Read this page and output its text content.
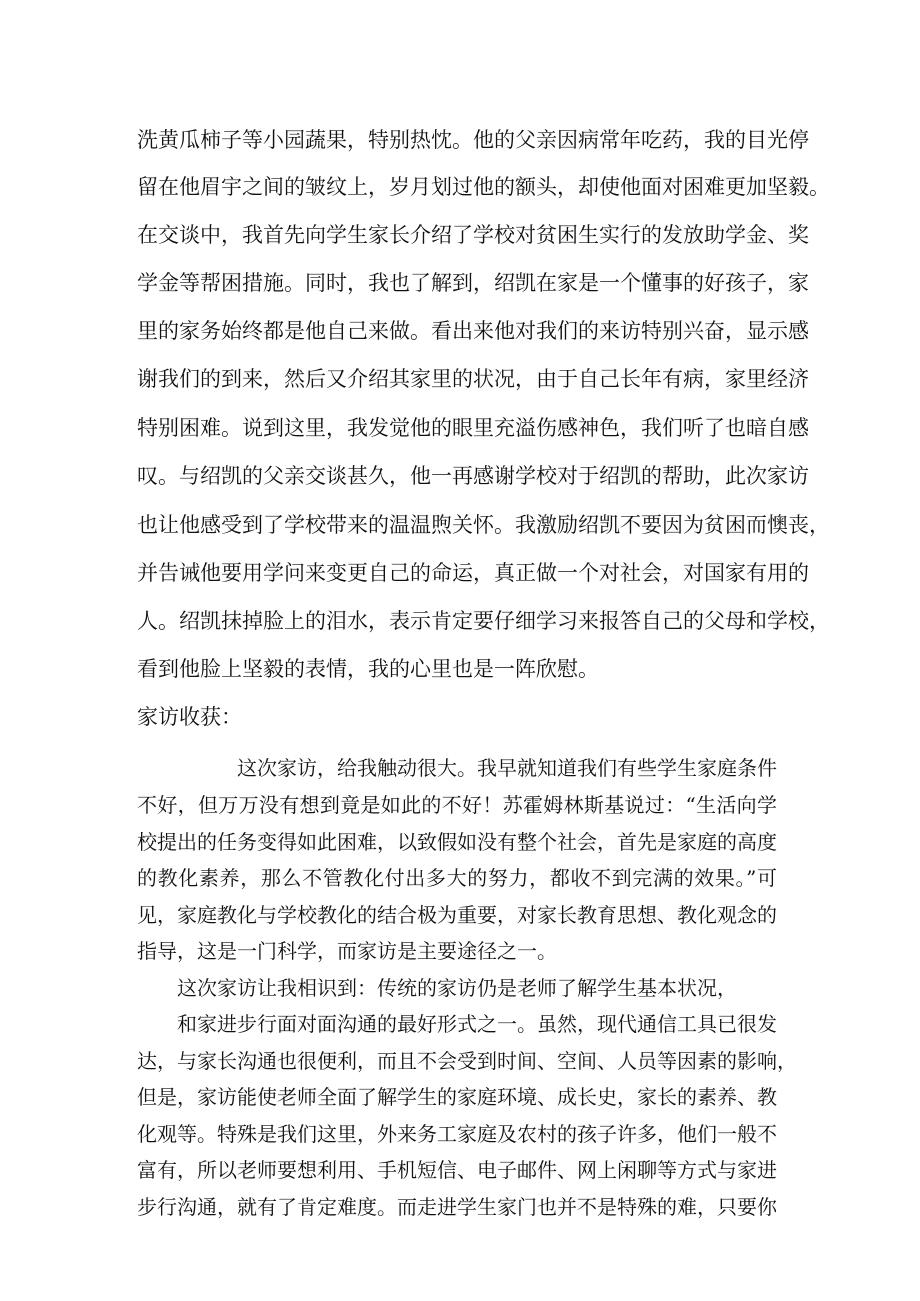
洗黄瓜柿子等小园蔬果，特别热忱。他的父亲因病常年吃药，我的目光停
留在他眉宇之间的皱纹上，岁月划过他的额头，却使他面对困难更加坚毅。
在交谈中，我首先向学生家长介绍了学校对贫困生实行的发放助学金、奖
学金等帮困措施。同时，我也了解到，绍凯在家是一个懂事的好孩子，家
里的家务始终都是他自己来做。看出来他对我们的来访特别兴奋，显示感
谢我们的到来，然后又介绍其家里的状况，由于自己长年有病，家里经济
特别困难。说到这里，我发觉他的眼里充溢伤感神色，我们听了也暗自感
叹。与绍凯的父亲交谈甚久，他一再感谢学校对于绍凯的帮助，此次家访
也让他感受到了学校带来的温温煦关怀。我激励绍凯不要因为贫困而懊丧，
并告诫他要用学问来变更自己的命运，真正做一个对社会，对国家有用的
人。绍凯抹掉脸上的泪水，表示肯定要仔细学习来报答自己的父母和学校，
看到他脸上坚毅的表情，我的心里也是一阵欣慰。
家访收获：
这次家访，给我触动很大。我早就知道我们有些学生家庭条件
不好，但万万没有想到竟是如此的不好！苏霍姆林斯基说过：“生活向学
校提出的任务变得如此困难，以致假如没有整个社会，首先是家庭的高度
的教化素养，那么不管教化付出多大的努力，都收不到完满的效果。”可
见，家庭教化与学校教化的结合极为重要，对家长教育思想、教化观念的
指导，这是一门科学，而家访是主要途径之一。
这次家访让我相识到：传统的家访仍是老师了解学生基本状况，
和家进步行面对面沟通的最好形式之一。虽然，现代通信工具已很发
达，与家长沟通也很便利，而且不会受到时间、空间、人员等因素的影响，
但是，家访能使老师全面了解学生的家庭环境、成长史，家长的素养、教
化观等。特殊是我们这里，外来务工家庭及农村的孩子许多，他们一般不
富有，所以老师要想利用、手机短信、电子邮件、网上闲聊等方式与家进
步行沟通，就有了肯定难度。而走进学生家门也并不是特殊的难，只要你
